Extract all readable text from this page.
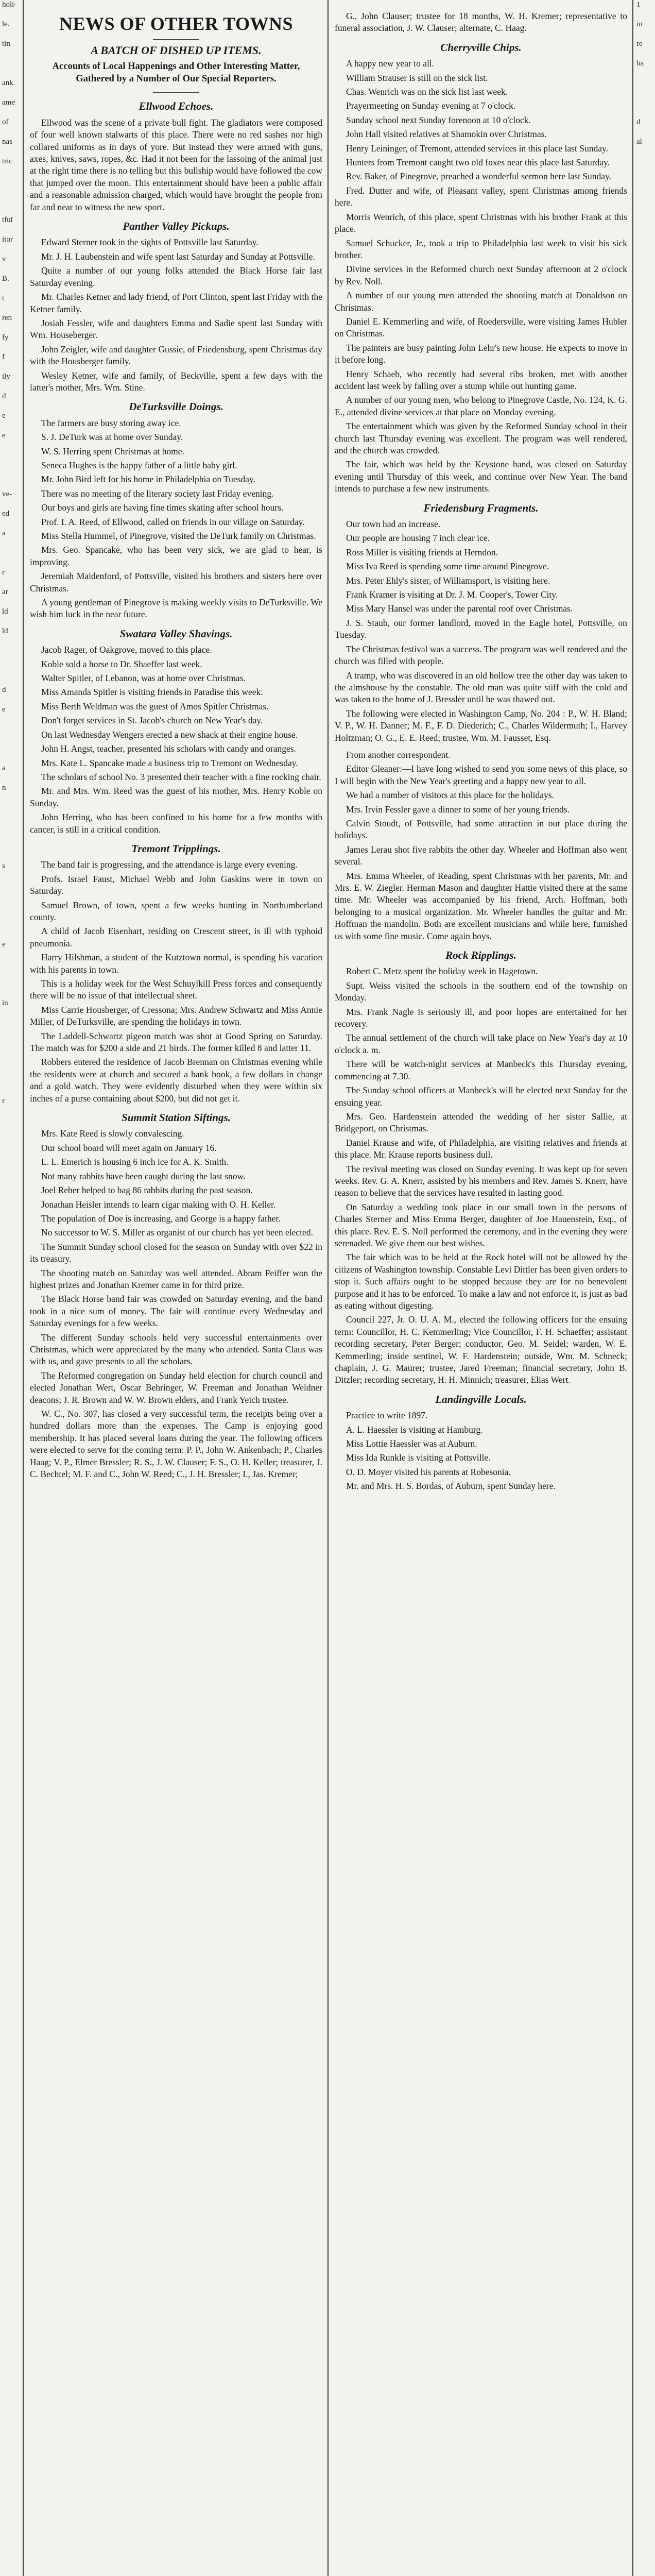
holi-
le.
tin
ank.
ame
of
nas
tric
tful
itor
v
B.
t
ren
fy
f
ily
d
e
e
ve-
ed
a
r
ar
ld
ld
d
e
a
n
s
e
in
r
NEWS OF OTHER TOWNS
A BATCH OF DISHED UP ITEMS.
Accounts of Local Happenings and Other Interesting Matter, Gathered by a Number of Our Special Reporters.
Ellwood Echoes.

Ellwood was the scene of a private bull fight. The gladiators were composed of four well known stalwarts of this place. There were no red sashes nor high collared uniforms as in days of yore. But instead they were armed with guns, axes, knives, saws, ropes, &c. Had it not been for the lassoing of the animal just at the right time there is no telling but this bullship would have followed the cow that jumped over the moon. This entertainment should have been a public affair and a reasonable admission charged, which would have brought the people from far and near to witness the new sport.

Panther Valley Pickups.

Edward Sterner took in the sights of Pottsville last Saturday.

Mr. J. H. Laubenstein and wife spent last Saturday and Sunday at Pottsville.

Quite a number of our young folks attended the Black Horse fair last Saturday evening.

Mr. Charles Ketner and lady friend, of Port Clinton, spent last Friday with the Ketner family.

Josiah Fessler, wife and daughters Emma and Sadie spent last Sunday with Wm. Houseberger.

John Zeigler, wife and daughter Gussie, of Friedensburg, spent Christmas day with the Housberger family.

Wesley Ketner, wife and family, of Beckville, spent a few days with the latter's mother, Mrs. Wm. Stine.

DeTurksville Doings.

The farmers are busy storing away ice.

S. J. DeTurk was at home over Sunday.

W. S. Herring spent Christmas at home.

Seneca Hughes is the happy father of a little baby girl.

Mr. John Bird left for his home in Philadelphia on Tuesday.

There was no meeting of the literary society last Friday evening.

Our boys and girls are having fine times skating after school hours.

Prof. I. A. Reed, of Ellwood, called on friends in our village on Saturday.

Miss Stella Hummel, of Pinegrove, visited the DeTurk family on Christmas.

Mrs. Geo. Spancake, who has been very sick, we are glad to hear, is improving.

Jeremiah Maidenford, of Pottsville, visited his brothers and sisters here over Christmas.

A young gentleman of Pinegrove is making weekly visits to DeTurksville. We wish him luck in the near future.

Swatara Valley Shavings.

Jacob Rager, of Oakgrove, moved to this place.

Koble sold a horse to Dr. Shaeffer last week.

Walter Spitler, of Lebanon, was at home over Christmas.

Miss Amanda Spitler is visiting friends in Paradise this week.

Miss Berth Weldman was the guest of Amos Spitler Christmas.

Don't forget services in St. Jacob's church on New Year's day.

On last Wednesday Wengers erected a new shack at their engine house.

John H. Angst, teacher, presented his scholars with candy and oranges.

Mrs. Kate L. Spancake made a business trip to Tremont on Wednesday.

The scholars of school No. 3 presented their teacher with a fine rocking chair.

Mr. and Mrs. Wm. Reed was the guest of his mother, Mrs. Henry Koble on Sunday.

John Herring, who has been confined to his home for a few months with cancer, is still in a critical condition.

Tremont Tripplings.

The band fair is progressing, and the attendance is large every evening.

Profs. Israel Faust, Michael Webb and John Gaskins were in town on Saturday.

Samuel Brown, of town, spent a few weeks hunting in Northumberland county.

A child of Jacob Eisenhart, residing on Crescent street, is ill with typhoid pneumonia.

Harry Hilshman, a student of the Kutztown normal, is spending his vacation with his parents in town.

This is a holiday week for the West Schuylkill Press forces and consequently there will be no issue of that intellectual sheet.

Miss Carrie Housberger, of Cressona; Mrs. Andrew Schwartz and Miss Annie Miller, of DeTurksville, are spending the holidays in town.

The Laddell-Schwartz pigeon match was shot at Good Spring on Saturday. The match was for $200 a side and 21 birds. The former killed 8 and latter 11.

Robbers entered the residence of Jacob Brennan on Christmas evening while the residents were at church and secured a bank book, a few dollars in change and a gold watch. They were evidently disturbed when they were within six inches of a purse containing about $200, but did not get it.

Summit Station Siftings.

Mrs. Kate Reed is slowly convalescing.

Our school board will meet again on January 16.

L. L. Emerich is housing 6 inch ice for A. K. Smith.

Not many rabbits have been caught during the last snow.

Joel Reber helped to bag 86 rabbits during the past season.

Jonathan Heisler intends to learn cigar making with O. H. Keller.

The population of Doe is increasing, and George is a happy father.

No successor to W. S. Miller as organist of our church has yet been elected.

The Summit Sunday school closed for the season on Sunday with over $22 in its treasury.

The shooting match on Saturday was well attended. Abram Peiffer won the highest prizes and Jonathan Kremer came in for third prize.

The Black Horse band fair was crowded on Saturday evening, and the band took in a nice sum of money. The fair will continue every Wednesday and Saturday evenings for a few weeks.

The different Sunday schools held very successful entertainments over Christmas, which were appreciated by the many who attended. Santa Claus was with us, and gave presents to all the scholars.

The Reformed congregation on Sunday held election for church council and elected Jonathan Wert, Oscar Behringer, W. Freeman and Jonathan Weldner deacons; J. R. Brown and W. W. Brown elders, and Frank Yeich trustee.

W. C., No. 307, has closed a very successful term, the receipts being over a hundred dollars more than the expenses. The Camp is enjoying good membership. It has placed several loans during the year. The following officers were elected to serve for the coming term: P. P., John W. Ankenbach; P., Charles Haag; V. P., Elmer Bressler; R. S., J. W. Clauser; F. S., O. H. Keller; treasurer, J. C. Bechtel; M. F. and C., John W. Reed; C., J. H. Bressler; I., Jas. Kremer;

G., John Clauser; trustee for 18 months, W. H. Kremer; representative to funeral association, J. W. Clauser; alternate, C. Haag.

Cherryville Chips.

A happy new year to all.

William Strauser is still on the sick list.

Chas. Wenrich was on the sick list last week.

Prayermeeting on Sunday evening at 7 o'clock.

Sunday school next Sunday forenoon at 10 o'clock.

John Hall visited relatives at Shamokin over Christmas.

Henry Leininger, of Tremont, attended services in this place last Sunday.

Hunters from Tremont caught two old foxes near this place last Saturday.

Rev. Baker, of Pinegrove, preached a wonderful sermon here last Sunday.

Fred. Dutter and wife, of Pleasant valley, spent Christmas among friends here.

Morris Wenrich, of this place, spent Christmas with his brother Frank at this place.

Samuel Schucker, Jr., took a trip to Philadelphia last week to visit his sick brother.

Divine services in the Reformed church next Sunday afternoon at 2 o'clock by Rev. Noll.

A number of our young men attended the shooting match at Donaldson on Christmas.

Daniel E. Kemmerling and wife, of Roedersville, were visiting James Hubler on Christmas.

The painters are busy painting John Lehr's new house. He expects to move in it before long.

Henry Schaeb, who recently had several ribs broken, met with another accident last week by falling over a stump while out hunting game.

A number of our young men, who belong to Pinegrove Castle, No. 124, K. G. E., attended divine services at that place on Monday evening.

The entertainment which was given by the Reformed Sunday school in their church last Thursday evening was excellent. The program was well rendered, and the church was crowded.

The fair, which was held by the Keystone band, was closed on Saturday evening until Thursday of this week, and continue over New Year. The band intends to purchase a few new instruments.

Friedensburg Fragments.

Our town had an increase.

Our people are housing 7 inch clear ice.

Ross Miller is visiting friends at Herndon.

Miss Iva Reed is spending some time around Pinegrove.

Mrs. Peter Ehly's sister, of Williamsport, is visiting here.

Frank Kramer is visiting at Dr. J. M. Cooper's, Tower City.

Miss Mary Hansel was under the parental roof over Christmas.

J. S. Staub, our former landlord, moved in the Eagle hotel, Pottsville, on Tuesday.

The Christmas festival was a success. The program was well rendered and the church was filled with people.

A tramp, who was discovered in an old hollow tree the other day was taken to the almshouse by the constable. The old man was quite stiff with the cold and was taken to the home of J. Bressler until he was thawed out.

The following were elected in Washington Camp, No. 204 : P., W. H. Bland; V. P., W. H. Danner; M. F., F. D. Diederich; C., Charles Wildermuth; I., Harvey Holtzman; O. G., E. E. Reed; trustee, Wm. M. Fausset, Esq.

From another correspondent.

Editor Gleaner:—I have long wished to send you some news of this place, so I will begin with the New Year's greeting and a happy new year to all.

We had a number of visitors at this place for the holidays.

Mrs. Irvin Fessler gave a dinner to some of her young friends.

Calvin Stoudt, of Pottsville, had some attraction in our place during the holidays.

James Lerau shot five rabbits the other day. Wheeler and Hoffman also went several.

Mrs. Emma Wheeler, of Reading, spent Christmas with her parents, Mr. and Mrs. E. W. Ziegler. Herman Mason and daughter Hattie visited there at the same time. Mr. Wheeler was accompanied by his friend, Arch. Hoffman, both belonging to a musical organization. Mr. Wheeler handles the guitar and Mr. Hoffman the mandolin. Both are excellent musicians and while here, furnished us with some fine music. Come again boys.

Rock Ripplings.

Robert C. Metz spent the holiday week in Hagetown.

Supt. Weiss visited the schools in the southern end of the township on Monday.

Mrs. Frank Nagle is seriously ill, and poor hopes are entertained for her recovery.

The annual settlement of the church will take place on New Year's day at 10 o'clock a. m.

There will be watch-night services at Manbeck's this Thursday evening, commencing at 7.30.

The Sunday school officers at Manbeck's will be elected next Sunday for the ensuing year.

Mrs. Geo. Hardenstein attended the wedding of her sister Sallie, at Bridgeport, on Christmas.

Daniel Krause and wife, of Philadelphia, are visiting relatives and friends at this place. Mr. Krause reports business dull.

The revival meeting was closed on Sunday evening. It was kept up for seven weeks. Rev. G. A. Knerr, assisted by his members and Rev. James S. Knerr, have reason to believe that the services have resulted in lasting good.

On Saturday a wedding took place in our small town in the persons of Charles Sterner and Miss Emma Berger, daughter of Joe Hauenstein, Esq., of this place. Rev. E. S. Noll performed the ceremony, and in the evening they were serenaded. We give them our best wishes.

The fair which was to be held at the Rock hotel will not be allowed by the citizens of Washington township. Constable Levi Dittler has been given orders to stop it. Such affairs ought to be stopped because they are for no benevolent purpose and it has to be enforced. To make a law and not enforce it, is just as bad as eating without digesting.

Council 227, Jr. O. U. A. M., elected the following officers for the ensuing term: Councillor, H. C. Kemmerling; Vice Councillor, F. H. Schaeffer; assistant recording secretary, Peter Berger; conductor, Geo. M. Seidel; warden, W. E. Kemmerling; inside sentinel, W. F. Hardenstein; outside, Wm. M. Schneck; chaplain, J. G. Maurer; trustee, Jared Freeman; financial secretary, John B. Ditzler; recording secretary, H. H. Minnich; treasurer, Elias Wert.

Landingville Locals.

Practice to write 1897.

A. L. Haessler is visiting at Hamburg.

Miss Lottie Haessler was at Auburn.

Miss Ida Runkle is visiting at Pottsville.

O. D. Moyer visited his parents at Robesonia.

Mr. and Mrs. H. S. Bordas, of Auburn, spent Sunday here.

1
in
re
ba
d
al
